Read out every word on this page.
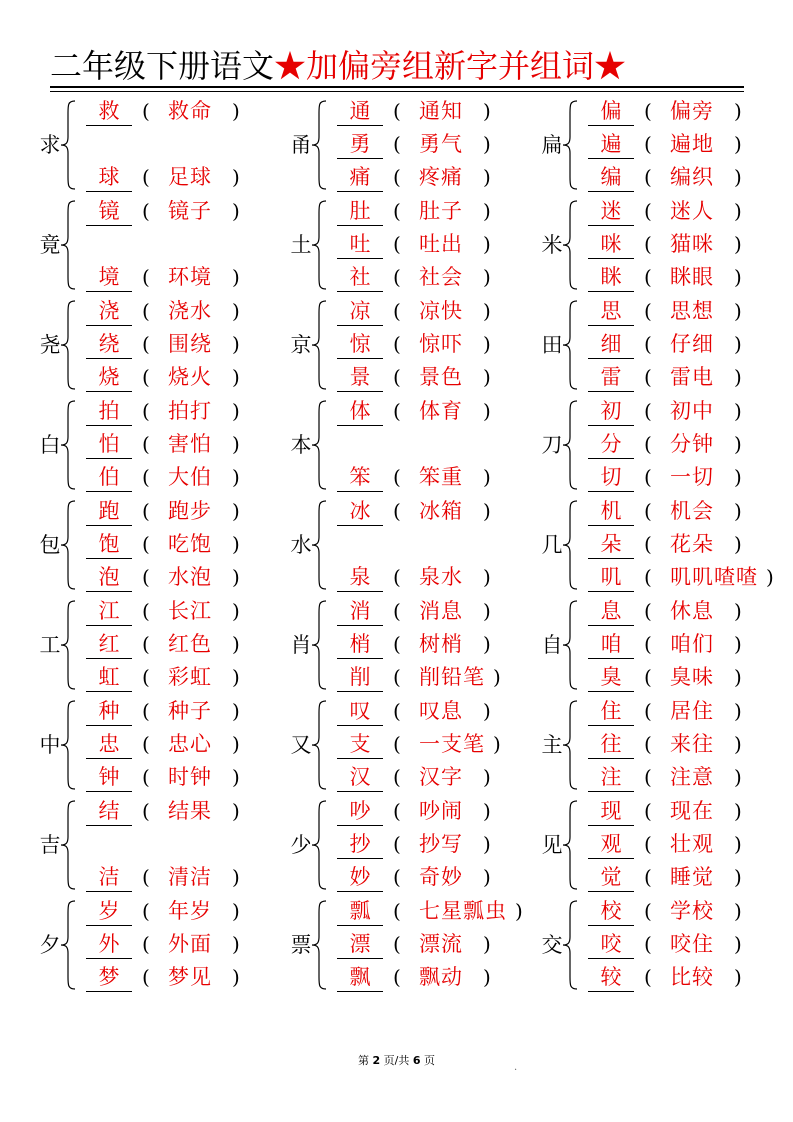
二年级下册语文★加偏旁组新字并组词★
求
救	( 救命 )
球	( 足球 )
竟
镜	( 镜子 )
境	( 环境 )
尧
浇	( 浇水 )
绕	( 围绕 )
烧	( 烧火 )
白
拍	( 拍打 )
怕	( 害怕 )
伯	( 大伯 )
包
跑	( 跑步 )
饱	( 吃饱 )
泡	( 水泡 )
工
江	( 长江 )
红	( 红色 )
虹	( 彩虹 )
中
种	( 种子 )
忠	( 忠心 )
钟	( 时钟 )
吉
结	( 结果 )
洁	( 清洁 )
夕
岁	( 年岁 )
外	( 外面 )
梦	( 梦见 )
甬
通	( 通知 )
勇	( 勇气 )
痛	( 疼痛 )
土
肚	( 肚子 )
吐	( 吐出 )
社	( 社会 )
京
凉	( 凉快 )
惊	( 惊吓 )
景	( 景色 )
本
体	( 体育 )
笨	( 笨重 )
水
冰	( 冰箱 )
泉	( 泉水 )
肖
消	( 消息 )
梢	( 树梢 )
削	( 削铅笔 )
又
叹	( 叹息 )
支	( 一支笔 )
汉	( 汉字 )
少
吵	( 吵闹 )
抄	( 抄写 )
妙	( 奇妙 )
票
瓢	( 七星瓢虫 )
漂	( 漂流 )
飘	( 飘动 )
扁
偏	( 偏旁 )
遍	( 遍地 )
编	( 编织 )
米
迷	( 迷人 )
咪	( 猫咪 )
眯	( 眯眼 )
田
思	( 思想 )
细	( 仔细 )
雷	( 雷电 )
刀
初	( 初中 )
分	( 分钟 )
切	( 一切 )
几
机	( 机会 )
朵	( 花朵 )
叽	( 叽叽喳喳 )
自
息	( 休息 )
咱	( 咱们 )
臭	( 臭味 )
主
住	( 居住 )
往	( 来往 )
注	( 注意 )
见
现	( 现在 )
观	( 壮观 )
觉	( 睡觉 )
交
校	( 学校 )
咬	( 咬住 )
较	( 比较 )
第 2 页/共 6 页
.
